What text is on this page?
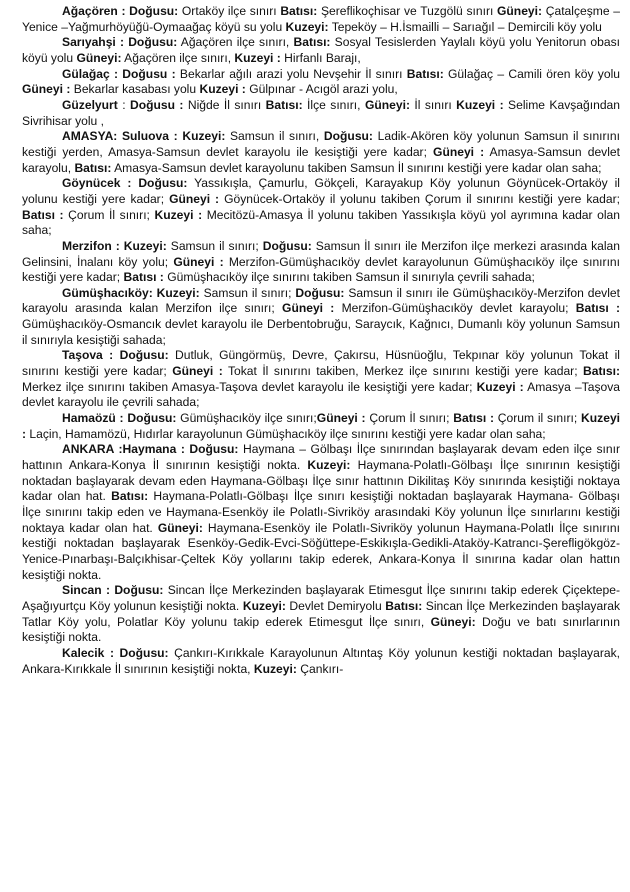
Ağaçören : Doğusu: Ortaköy ilçe sınırı Batısı: Şereflikoçhisar ve Tuzgölü sınırı Güneyi: Çatalçeşme – Yenice –Yağmurhöyüğü-Oymaağaç köyü su yolu Kuzeyi: Tepeköy – H.İsmailli – Sarıağıl – Demircili köy yolu

Sarıyahşi : Doğusu: Ağaçören ilçe sınırı, Batısı: Sosyal Tesislerden Yaylalı köyü yolu Yenitorun obası köyü yolu Güneyi: Ağaçören ilçe sınırı, Kuzeyi : Hirfanlı Barajı,

Gülağaç : Doğusu : Bekarlar ağılı arazi yolu Nevşehir İl sınırı Batısı: Gülağaç – Camili ören köy yolu Güneyi : Bekarlar kasabası yolu Kuzeyi : Gülpınar - Acıgöl arazi yolu,

Güzelyurt : Doğusu : Niğde İl sınırı Batısı: İlçe sınırı, Güneyi: İl sınırı Kuzeyi : Selime Kavşağından Sivrihisar yolu ,

AMASYA: Suluova : Kuzeyi: Samsun il sınırı, Doğusu: Ladik-Akören köy yolunun Samsun il sınırını kestiği yerden, Amasya-Samsun devlet karayolu ile kesiştiği yere kadar; Güneyi : Amasya-Samsun devlet karayolu, Batısı: Amasya-Samsun devlet karayolunu takiben Samsun İl sınırını kestiği yere kadar olan saha;

Göynücek : Doğusu: Yassıkışla, Çamurlu, Gökçeli, Karayakup Köy yolunun Göynücek-Ortaköy il yolunu kestiği yere kadar; Güneyi : Göynücek-Ortaköy il yolunu takiben Çorum il sınırını kestiği yere kadar; Batısı : Çorum İl sınırı; Kuzeyi : Mecitözü-Amasya İl yolunu takiben Yassıkışla köyü yol ayrımına kadar olan saha;

Merzifon : Kuzeyi: Samsun il sınırı; Doğusu: Samsun İl sınırı ile Merzifon ilçe merkezi arasında kalan Gelinsini, İnalanı köy yolu; Güneyi : Merzifon-Gümüşhacıköy devlet karayolunun Gümüşhacıköy ilçe sınırını kestiği yere kadar; Batısı : Gümüşhacıköy ilçe sınırını takiben Samsun il sınırıyla çevrili sahada;

Gümüşhacıköy: Kuzeyi: Samsun il sınırı; Doğusu: Samsun il sınırı ile Gümüşhacıköy-Merzifon devlet karayolu arasında kalan Merzifon ilçe sınırı; Güneyi : Merzifon-Gümüşhacıköy devlet karayolu; Batısı : Gümüşhacıköy-Osmancık devlet karayolu ile Derbentobruğu, Saraycık, Kağnıcı, Dumanlı köy yolunun Samsun il sınırıyla kesiştiği sahada;

Taşova : Doğusu: Dutluk, Güngörmüş, Devre, Çakırsu, Hüsnüoğlu, Tekpınar köy yolunun Tokat il sınırını kestiği yere kadar; Güneyi : Tokat İl sınırını takiben, Merkez ilçe sınırını kestiği yere kadar; Batısı: Merkez ilçe sınırını takiben Amasya-Taşova devlet karayolu ile kesiştiği yere kadar; Kuzeyi : Amasya –Taşova devlet karayolu ile çevrili sahada;

Hamaözü : Doğusu: Gümüşhacıköy ilçe sınırı;Güneyi : Çorum İl sınırı; Batısı : Çorum il sınırı; Kuzeyi : Laçin, Hamamözü, Hıdırlar karayolunun Gümüşhacıköy ilçe sınırını kestiği yere kadar olan saha;

ANKARA :Haymana : Doğusu: Haymana – Gölbaşı İlçe sınırından başlayarak devam eden ilçe sınır hattının Ankara-Konya İl sınırının kesiştiği nokta. Kuzeyi: Haymana-Polatlı-Gölbaşı İlçe sınırının kesiştiği noktadan başlayarak devam eden Haymana-Gölbaşı İlçe sınır hattının Dikilitaş Köy sınırında kesiştiği noktaya kadar olan hat. Batısı: Haymana-Polatlı-Gölbaşı İlçe sınırı kesiştiği noktadan başlayarak Haymana- Gölbaşı İlçe sınırını takip eden ve Haymana-Esenköy ile Polatlı-Sivriköy arasındaki Köy yolunun İlçe sınırlarını kestiği noktaya kadar olan hat. Güneyi: Haymana-Esenköy ile Polatlı-Sivriköy yolunun Haymana-Polatlı İlçe sınırını kestiği noktadan başlayarak Esenköy-Gedik-Evci-Söğüttepe-Eskikışla-Gedikli-Ataköy-Katrancı-Şerefligökgöz-Yenice-Pınarbaşı-Balçıkhisar-Çeltek Köy yollarını takip ederek, Ankara-Konya İl sınırına kadar olan hattın kesiştiği nokta.

Sincan : Doğusu: Sincan İlçe Merkezinden başlayarak Etimesgut İlçe sınırını takip ederek Çiçektepe-Aşağıyurtçu Köy yolunun kesiştiği nokta. Kuzeyi: Devlet Demiryolu Batısı: Sincan İlçe Merkezinden başlayarak Tatlar Köy yolu, Polatlar Köy yolunu takip ederek Etimesgut İlçe sınırı, Güneyi: Doğu ve batı sınırlarının kesiştiği nokta.

Kalecik : Doğusu: Çankırı-Kırıkkale Karayolunun Altıntaş Köy yolunun kestiği noktadan başlayarak, Ankara-Kırıkkale İl sınırının kesiştiği nokta, Kuzeyi: Çankırı-
